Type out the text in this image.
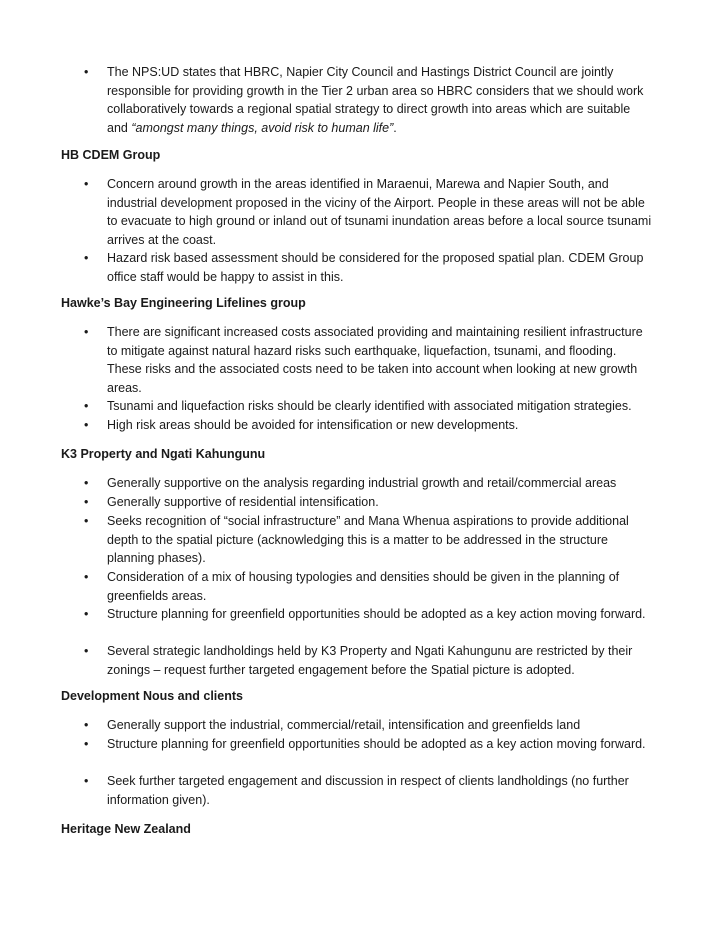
• The NPS:UD states that HBRC, Napier City Council and Hastings District Council are jointly responsible for providing growth in the Tier 2 urban area so HBRC considers that we should work collaboratively towards a regional spatial strategy to direct growth into areas which are suitable and “amongst many things, avoid risk to human life”.
HB CDEM Group
• Concern around growth in the areas identified in Maraenui, Marewa and Napier South, and industrial development proposed in the viciny of the Airport. People in these areas will not be able to evacuate to high ground or inland out of tsunami inundation areas before a local source tsunami arrives at the coast.
• Hazard risk based assessment should be considered for the proposed spatial plan. CDEM Group office staff would be happy to assist in this.
Hawke’s Bay Engineering Lifelines group
• There are significant increased costs associated providing and maintaining resilient infrastructure to mitigate against natural hazard risks such earthquake, liquefaction, tsunami, and flooding. These risks and the associated costs need to be taken into account when looking at new growth areas.
• Tsunami and liquefaction risks should be clearly identified with associated mitigation strategies.
• High risk areas should be avoided for intensification or new developments.
K3 Property and Ngati Kahungunu
• Generally supportive on the analysis regarding industrial growth and retail/commercial areas
• Generally supportive of residential intensification.
• Seeks recognition of “social infrastructure” and Mana Whenua aspirations to provide additional depth to the spatial picture (acknowledging this is a matter to be addressed in the structure planning phases).
• Consideration of a mix of housing typologies and densities should be given in the planning of greenfields areas.
• Structure planning for greenfield opportunities should be adopted as a key action moving forward.
• Several strategic landholdings held by K3 Property and Ngati Kahungunu are restricted by their zonings – request further targeted engagement before the Spatial picture is adopted.
Development Nous and clients
• Generally support the industrial, commercial/retail, intensification and greenfields land
• Structure planning for greenfield opportunities should be adopted as a key action moving forward.
• Seek further targeted engagement and discussion in respect of clients landholdings (no further information given).
Heritage New Zealand
